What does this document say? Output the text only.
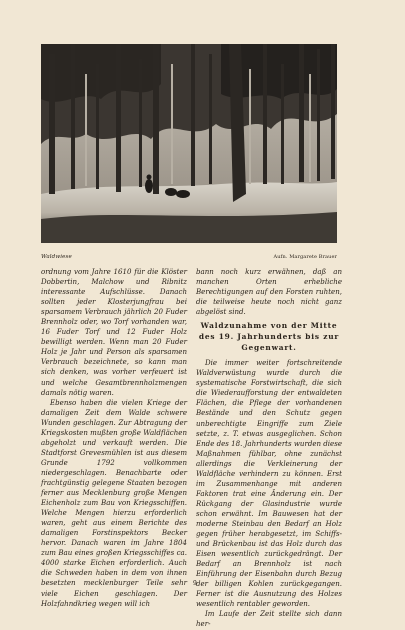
Waldwiese	Aufn. Margarete Brauer

ordnung vom Jahre 1610 für die Klöster Dobbertin, Malchow und Ribnitz interessante Aufschlüsse. Danach sollten jeder Klosterjungfrau bei sparsamem Verbrauch jährlich 20 Fuder Brennholz oder, wo Torf vorhanden war, 16 Fuder Torf und 12 Fuder Holz bewilligt werden. Wenn man 20 Fuder Holz je Jahr und Person als sparsamen Verbrauch bezeichnete, so kann man sich denken, was vorher verfeuert ist und welche Gesamtbrennholzmengen damals nötig waren.

Ebenso haben die vielen Kriege der damaligen Zeit dem Walde schwere Wunden geschlagen. Zur Abtragung der Kriegskosten mußten große Waldflächen abgeholzt und verkauft werden. Die Stadtforst Grevesmühlen ist aus diesem Grunde 1792 vollkommen niedergeschlagen. Benachbarte oder frachtgünstig gelegene Staaten bezogen ferner aus Mecklenburg große Mengen Eichenholz zum Bau von Kriegsschiffen. Welche Mengen hierzu erforderlich waren, geht aus einem Berichte des damaligen Forstinspektors Becker hervor. Danach waren im Jahre 1804 zum Bau eines großen Kriegsschiffes ca. 4000 starke Eichen erforderlich. Auch die Schweden haben in dem von ihnen besetzten mecklenburger Teile sehr viele Eichen geschlagen. Der Holzfahndkrieg wegen will ich

bann noch kurz erwähnen, daß an manchen Orten erhebliche Berechtigungen auf den Forsten ruhten, die teilweise heute noch nicht ganz abgelöst sind.

Waldzunahme von der Mitte des 19. Jahrhunderts bis zur Gegenwart.

Die immer weiter fortschreitende Waldverwüstung wurde durch die systematische Forstwirtschaft, die sich die Wiederaufforstung der entwaldeten Flächen, die Pflege der vorhandenen Bestände und den Schutz gegen unberechtigte Eingriffe zum Ziele setzte, z. T. etwas ausgeglichen. Schon Ende des 18. Jahrhunderts wurden diese Maßnahmen fühlbar, ohne zunächst allerdings die Verkleinerung der Waldfläche verhindern zu können. Erst im Zusammenhange mit anderen Faktoren trat eine Änderung ein. Der Rückgang der Glasindustrie wurde schon erwähnt. Im Bauwesen hat der moderne Steinbau den Bedarf an Holz gegen früher herabgesetzt, im Schiffs- und Brückenbau ist das Holz durch das Eisen wesentlich zurückgedrängt. Der Bedarf an Brennholz ist nach Einführung der Eisenbahn durch Bezug der billigen Kohlen zurückgegangen. Ferner ist die Ausnutzung des Holzes wesentlich rentabler geworden.

Im Laufe der Zeit stellte sich dann her-

9
